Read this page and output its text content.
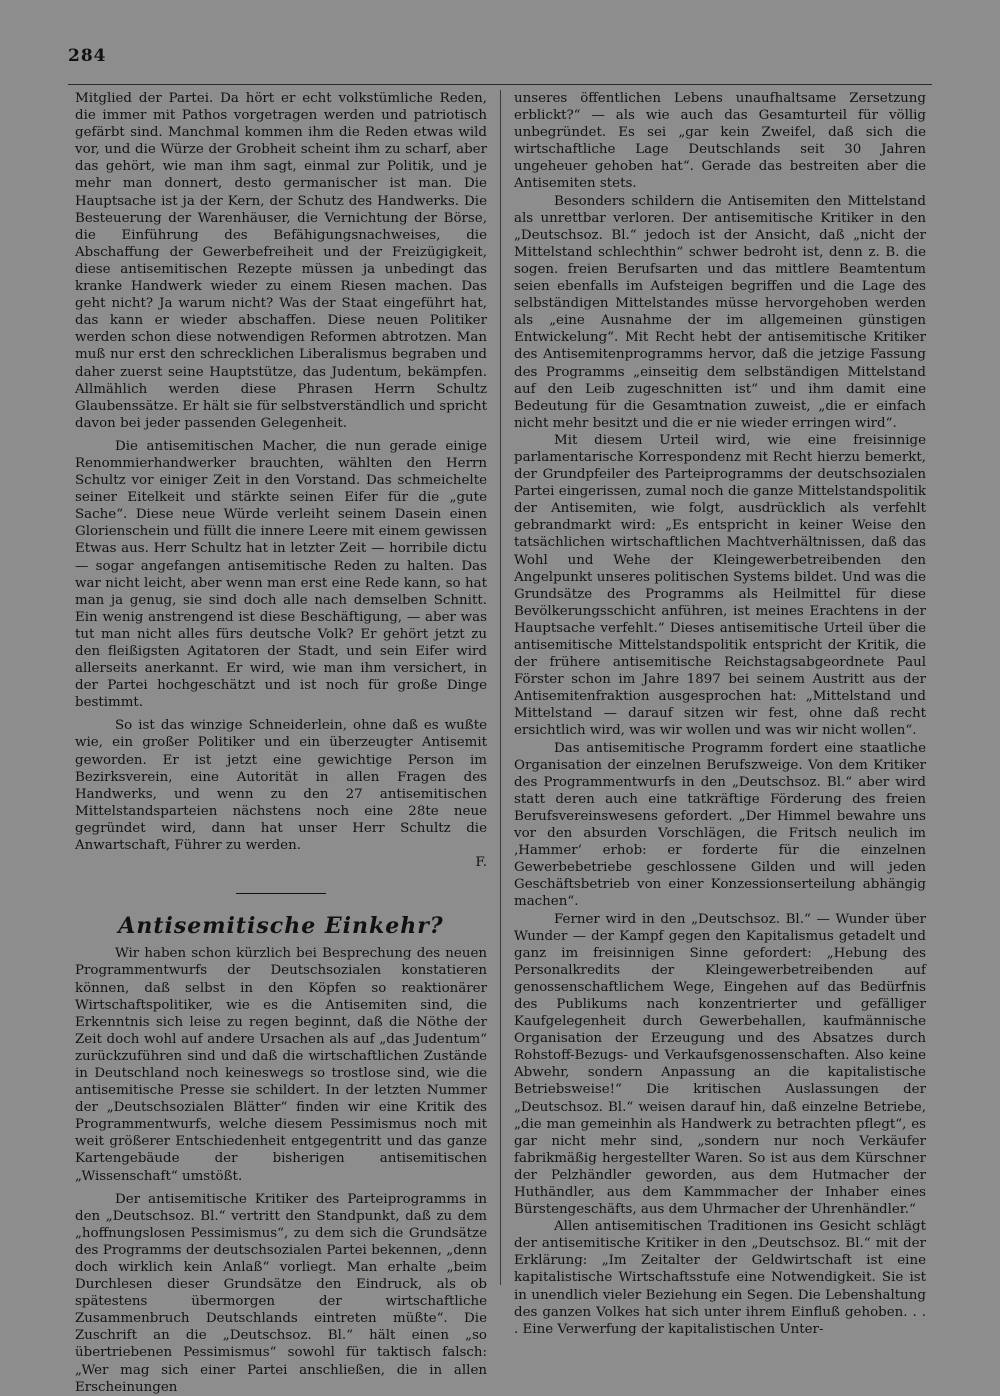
284

Mitglied der Partei. Da hört er echt volkstümliche Reden, die immer mit Pathos vorgetragen werden und patriotisch gefärbt sind. Manchmal kommen ihm die Reden etwas wild vor, und die Würze der Grobheit scheint ihm zu scharf, aber das gehört, wie man ihm sagt, einmal zur Politik, und je mehr man donnert, desto germanischer ist man. Die Hauptsache ist ja der Kern, der Schutz des Handwerks. Die Besteuerung der Warenhäuser, die Vernichtung der Börse, die Einführung des Befähigungsnachweises, die Abschaffung der Gewerbefreiheit und der Freizügigkeit, diese antisemitischen Rezepte müssen ja unbedingt das kranke Handwerk wieder zu einem Riesen machen. Das geht nicht? Ja warum nicht? Was der Staat eingeführt hat, das kann er wieder abschaffen. Diese neuen Politiker werden schon diese notwendigen Reformen abtrotzen. Man muß nur erst den schrecklichen Liberalismus begraben und daher zuerst seine Hauptstütze, das Judentum, bekämpfen. Allmählich werden diese Phrasen Herrn Schultz Glaubenssätze. Er hält sie für selbstverständlich und spricht davon bei jeder passenden Gelegenheit.

Die antisemitischen Macher, die nun gerade einige Renommierhandwerker brauchten, wählten den Herrn Schultz vor einiger Zeit in den Vorstand. Das schmeichelte seiner Eitelkeit und stärkte seinen Eifer für die „gute Sache“. Diese neue Würde verleiht seinem Dasein einen Glorienschein und füllt die innere Leere mit einem gewissen Etwas aus. Herr Schultz hat in letzter Zeit — horribile dictu — sogar angefangen antisemitische Reden zu halten. Das war nicht leicht, aber wenn man erst eine Rede kann, so hat man ja genug, sie sind doch alle nach demselben Schnitt. Ein wenig anstrengend ist diese Beschäftigung, — aber was tut man nicht alles fürs deutsche Volk? Er gehört jetzt zu den fleißigsten Agitatoren der Stadt, und sein Eifer wird allerseits anerkannt. Er wird, wie man ihm versichert, in der Partei hochgeschätzt und ist noch für große Dinge bestimmt.

So ist das winzige Schneiderlein, ohne daß es wußte wie, ein großer Politiker und ein überzeugter Antisemit geworden. Er ist jetzt eine gewichtige Person im Bezirksverein, eine Autorität in allen Fragen des Handwerks, und wenn zu den 27 antisemitischen Mittelstandsparteien nächstens noch eine 28te neue gegründet wird, dann hat unser Herr Schultz die Anwartschaft, Führer zu werden.

F.
Antisemitische Einkehr?

Wir haben schon kürzlich bei Besprechung des neuen Programmentwurfs der Deutschsozialen konstatieren können, daß selbst in den Köpfen so reaktionärer Wirtschaftspolitiker, wie es die Antisemiten sind, die Erkenntnis sich leise zu regen beginnt, daß die Nöthe der Zeit doch wohl auf andere Ursachen als auf „das Judentum“ zurückzuführen sind und daß die wirtschaftlichen Zustände in Deutschland noch keineswegs so trostlose sind, wie die antisemitische Presse sie schildert. In der letzten Nummer der „Deutschsozialen Blätter“ finden wir eine Kritik des Programmentwurfs, welche diesem Pessimismus noch mit weit größerer Entschiedenheit entgegentritt und das ganze Kartengebäude der bisherigen antisemitischen „Wissenschaft“ umstößt.

Der antisemitische Kritiker des Parteiprogramms in den „Deutschsoz. Bl.“ vertritt den Standpunkt, daß zu dem „hoffnungslosen Pessimismus“, zu dem sich die Grundsätze des Programms der deutschsozialen Partei bekennen, „denn doch wirklich kein Anlaß“ vorliegt. Man erhalte „beim Durchlesen dieser Grundsätze den Eindruck, als ob spätestens übermorgen der wirtschaftliche Zusammenbruch Deutschlands eintreten müßte“. Die Zuschrift an die „Deutschsoz. Bl.“ hält einen „so übertriebenen Pessimismus“ sowohl für taktisch falsch: „Wer mag sich einer Partei anschließen, die in allen Erscheinungen

unseres öffentlichen Lebens unaufhaltsame Zersetzung erblickt?“ — als wie auch das Gesamturteil für völlig unbegründet. Es sei „gar kein Zweifel, daß sich die wirtschaftliche Lage Deutschlands seit 30 Jahren ungeheuer gehoben hat“. Gerade das bestreiten aber die Antisemiten stets.

Besonders schildern die Antisemiten den Mittelstand als unrettbar verloren. Der antisemitische Kritiker in den „Deutschsoz. Bl.“ jedoch ist der Ansicht, daß „nicht der Mittelstand schlechthin“ schwer bedroht ist, denn z. B. die sogen. freien Berufsarten und das mittlere Beamtentum seien ebenfalls im Aufsteigen begriffen und die Lage des selbständigen Mittelstandes müsse hervorgehoben werden als „eine Ausnahme der im allgemeinen günstigen Entwickelung“. Mit Recht hebt der antisemitische Kritiker des Antisemitenprogramms hervor, daß die jetzige Fassung des Programms „einseitig dem selbständigen Mittelstand auf den Leib zugeschnitten ist“ und ihm damit eine Bedeutung für die Gesamtnation zuweist, „die er einfach nicht mehr besitzt und die er nie wieder erringen wird“.

Mit diesem Urteil wird, wie eine freisinnige parlamentarische Korrespondenz mit Recht hierzu bemerkt, der Grundpfeiler des Parteiprogramms der deutschsozialen Partei eingerissen, zumal noch die ganze Mittelstandspolitik der Antisemiten, wie folgt, ausdrücklich als verfehlt gebrandmarkt wird: „Es entspricht in keiner Weise den tatsächlichen wirtschaftlichen Machtverhältnissen, daß das Wohl und Wehe der Kleingewerbetreibenden den Angelpunkt unseres politischen Systems bildet. Und was die Grundsätze des Programms als Heilmittel für diese Bevölkerungsschicht anführen, ist meines Erachtens in der Hauptsache verfehlt.“ Dieses antisemitische Urteil über die antisemitische Mittelstandspolitik entspricht der Kritik, die der frühere antisemitische Reichstagsabgeordnete Paul Förster schon im Jahre 1897 bei seinem Austritt aus der Antisemitenfraktion ausgesprochen hat: „Mittelstand und Mittelstand — darauf sitzen wir fest, ohne daß recht ersichtlich wird, was wir wollen und was wir nicht wollen“.

Das antisemitische Programm fordert eine staatliche Organisation der einzelnen Berufszweige. Von dem Kritiker des Programmentwurfs in den „Deutschsoz. Bl.“ aber wird statt deren auch eine tatkräftige Förderung des freien Berufsvereinswesens gefordert. „Der Himmel bewahre uns vor den absurden Vorschlägen, die Fritsch neulich im ‚Hammer‘ erhob: er forderte für die einzelnen Gewerbebetriebe geschlossene Gilden und will jeden Geschäftsbetrieb von einer Konzessionserteilung abhängig machen“.

Ferner wird in den „Deutschsoz. Bl.“ — Wunder über Wunder — der Kampf gegen den Kapitalismus getadelt und ganz im freisinnigen Sinne gefordert: „Hebung des Personalkredits der Kleingewerbetreibenden auf genossenschaftlichem Wege, Eingehen auf das Bedürfnis des Publikums nach konzentrierter und gefälliger Kaufgelegenheit durch Gewerbehallen, kaufmännische Organisation der Erzeugung und des Absatzes durch Rohstoff-Bezugs- und Verkaufsgenossenschaften. Also keine Abwehr, sondern Anpassung an die kapitalistische Betriebsweise!“ Die kritischen Auslassungen der „Deutschsoz. Bl.“ weisen darauf hin, daß einzelne Betriebe, „die man gemeinhin als Handwerk zu betrachten pflegt“, es gar nicht mehr sind, „sondern nur noch Verkäufer fabrikmäßig hergestellter Waren. So ist aus dem Kürschner der Pelzhändler geworden, aus dem Hutmacher der Huthändler, aus dem Kammmacher der Inhaber eines Bürstengeschäfts, aus dem Uhrmacher der Uhrenhändler.“

Allen antisemitischen Traditionen ins Gesicht schlägt der antisemitische Kritiker in den „Deutschsoz. Bl.“ mit der Erklärung: „Im Zeitalter der Geldwirtschaft ist eine kapitalistische Wirtschaftsstufe eine Notwendigkeit. Sie ist in unendlich vieler Beziehung ein Segen. Die Lebenshaltung des ganzen Volkes hat sich unter ihrem Einfluß gehoben. . . . Eine Verwerfung der kapitalistischen Unter-
